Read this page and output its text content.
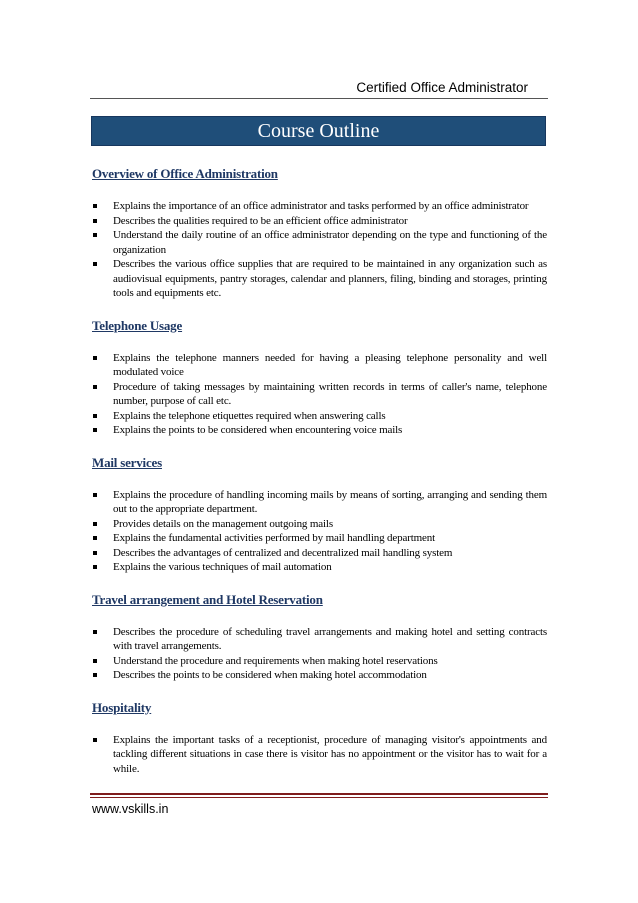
Certified Office Administrator
Course Outline
Overview of Office Administration
Explains the importance of an office administrator and tasks performed by an office administrator
Describes the qualities required to be an efficient office administrator
Understand the daily routine of an office administrator depending on the type and functioning of the organization
Describes the various office supplies that are required to be maintained in any organization such as audiovisual equipments, pantry storages, calendar and planners, filing, binding and storages, printing tools and equipments etc.
Telephone Usage
Explains the telephone manners needed for having a pleasing telephone personality and well modulated voice
Procedure of taking messages by maintaining written records in terms of caller's name, telephone number, purpose of call etc.
Explains the telephone etiquettes required when answering calls
Explains the points to be considered when encountering voice mails
Mail services
Explains the procedure of handling incoming mails by means of sorting, arranging and sending them out to the appropriate department.
Provides details on the management outgoing mails
Explains the fundamental activities performed by mail handling department
Describes the advantages of centralized and decentralized mail handling system
Explains the various techniques of mail automation
Travel arrangement and Hotel Reservation
Describes the procedure of scheduling travel arrangements and making hotel and setting contracts with travel arrangements.
Understand the procedure and requirements when making hotel reservations
Describes the points to be considered when making hotel accommodation
Hospitality
Explains the important tasks of a receptionist, procedure of managing visitor's appointments and tackling different situations in case there is visitor has no appointment or the visitor has to wait for a while.
www.vskills.in
